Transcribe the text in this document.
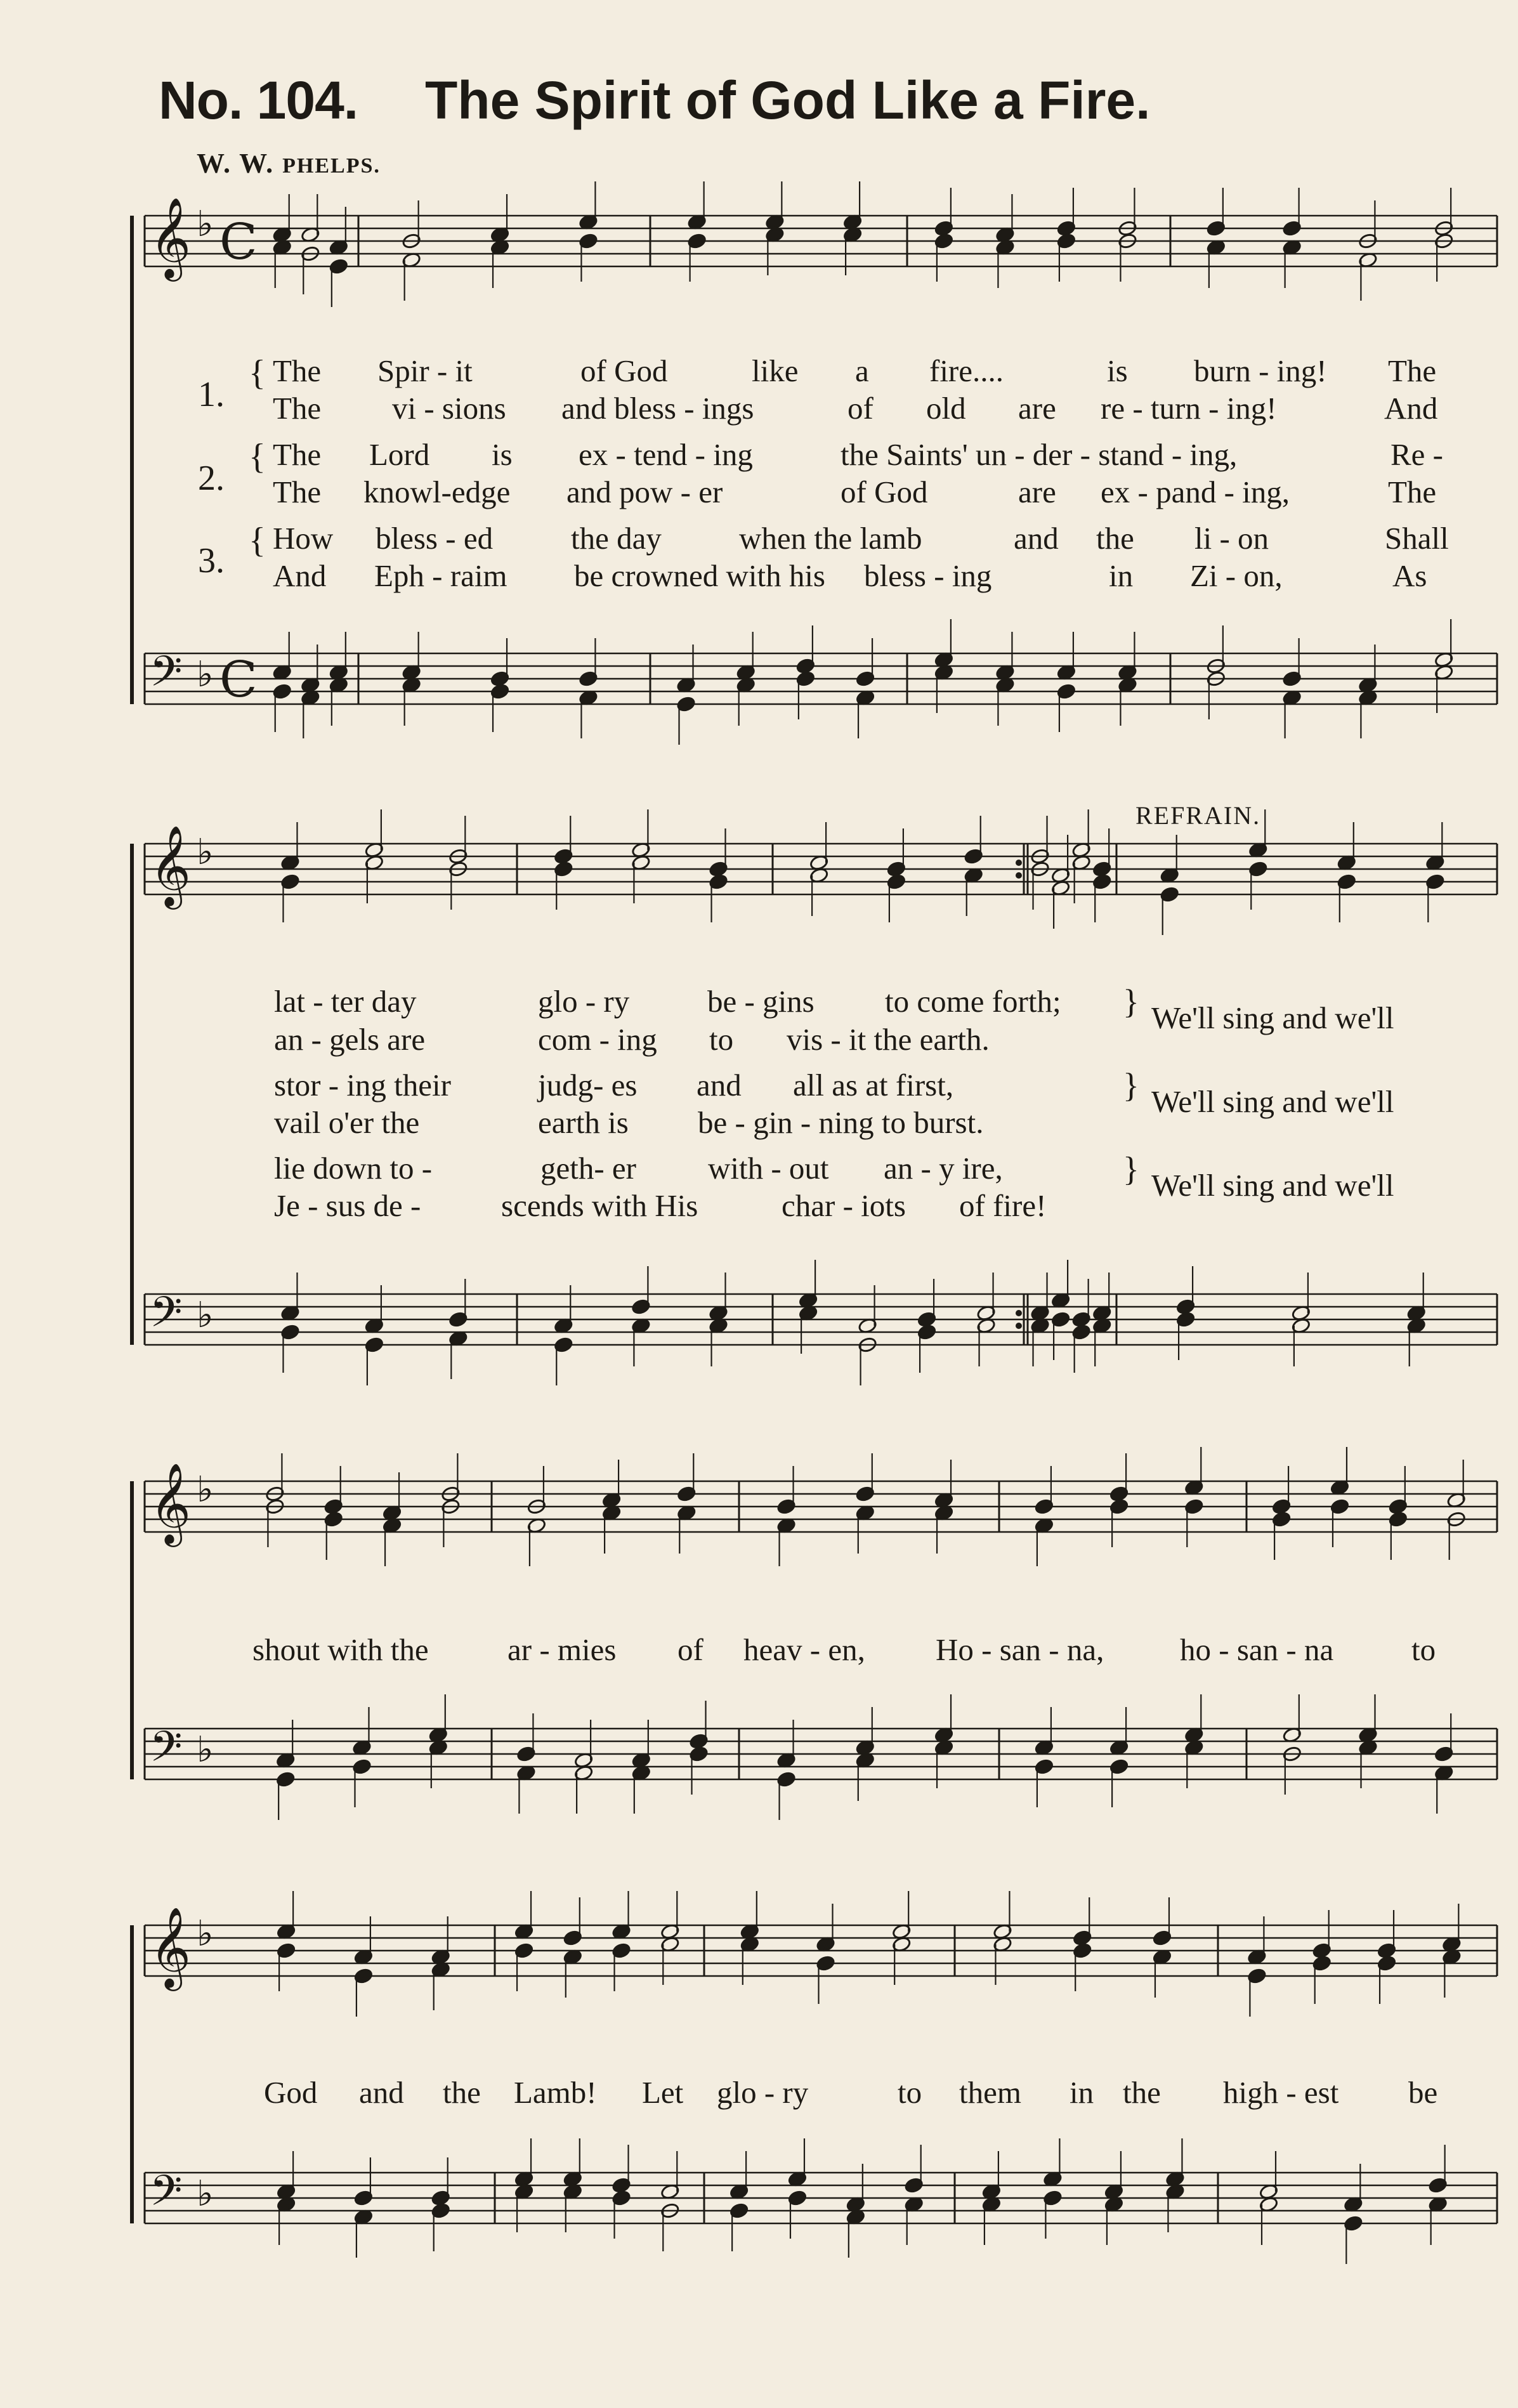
No. 104. The Spirit of God Like a Fire.
W. W. PHELPS.
REFRAIN.
𝄞 ♭ C
𝄢 ♭ C
𝄞 ♭
𝄢 ♭
𝄞 ♭
𝄢 ♭
𝄞 ♭
𝄢 ♭
1.
2.
3.
{
{
{
The Spir - it	of God	like a fire....	is burn - ing! The
The vi - sions and bless - ings	of old are re - turn - ing!	And
The Lord is ex - tend - ing	the Saints' un - der - stand - ing,	Re -
The knowl-edge and pow - er	of God	are ex - pand - ing,	The
How bless - ed	the day when the lamb	and the li - on	Shall
And Eph - raim be crowned with his bless - ing	in Zi - on,	As
lat - ter day	glo - ry	be - gins to come forth;
an - gels are	com - ing to vis - it the earth.
stor - ing their	judg- es and all as at first,
vail o'er the	earth is be - gin - ning to burst.
lie down to -	geth- er with - out an - y ire,
Je - sus de -	scends with His	char - iots of fire!
}
}
}
We'll sing and we'll
We'll sing and we'll
We'll sing and we'll
shout with the	ar - mies of heav - en, Ho - san - na, ho - san - na	to
God and the Lamb! Let glo - ry	to them in the high - est be
